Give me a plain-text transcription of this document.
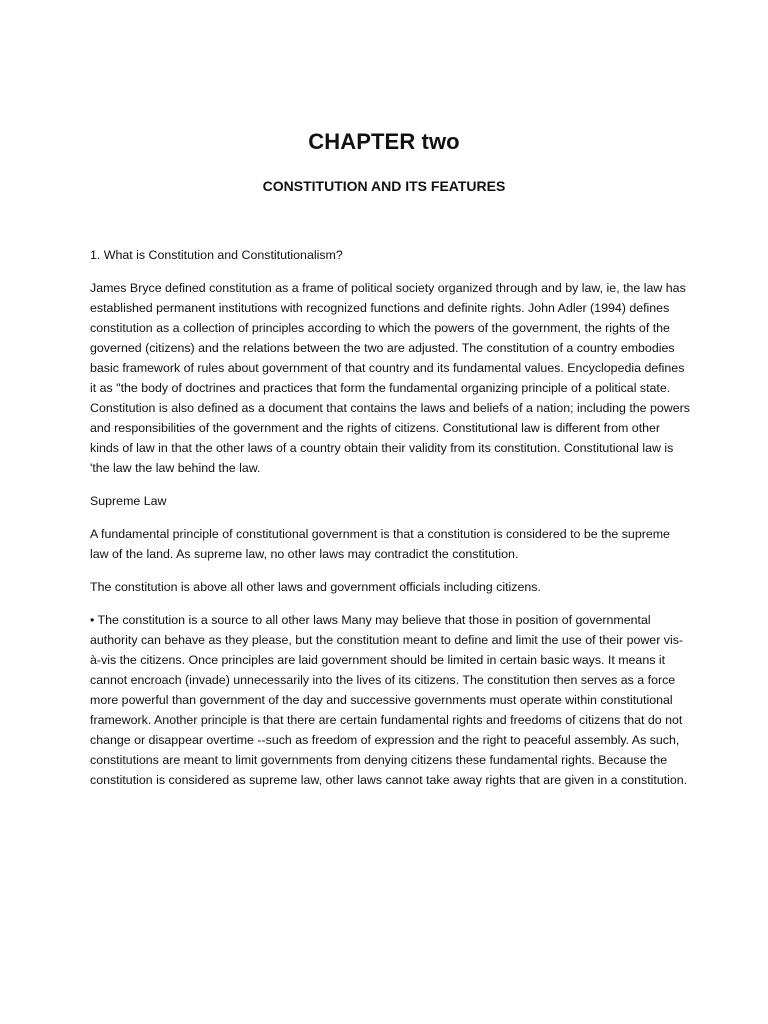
CHAPTER two
CONSTITUTION AND ITS FEATURES

1. What is Constitution and Constitutionalism?

James Bryce defined constitution as a frame of political society organized through and by law, ie, the law has established permanent institutions with recognized functions and definite rights. John Adler (1994) defines constitution as a collection of principles according to which the powers of the government, the rights of the governed (citizens) and the relations between the two are adjusted. The constitution of a country embodies basic framework of rules about government of that country and its fundamental values. Encyclopedia defines it as "the body of doctrines and practices that form the fundamental organizing principle of a political state. Constitution is also defined as a document that contains the laws and beliefs of a nation; including the powers and responsibilities of the government and the rights of citizens. Constitutional law is different from other kinds of law in that the other laws of a country obtain their validity from its constitution. Constitutional law is 'the law the law behind the law.

Supreme Law

A fundamental principle of constitutional government is that a constitution is considered to be the supreme law of the land. As supreme law, no other laws may contradict the constitution.

The constitution is above all other laws and government officials including citizens.

• The constitution is a source to all other laws Many may believe that those in position of governmental authority can behave as they please, but the constitution meant to define and limit the use of their power vis-à-vis the citizens. Once principles are laid government should be limited in certain basic ways. It means it cannot encroach (invade) unnecessarily into the lives of its citizens. The constitution then serves as a force more powerful than government of the day and successive governments must operate within constitutional framework. Another principle is that there are certain fundamental rights and freedoms of citizens that do not change or disappear overtime --such as freedom of expression and the right to peaceful assembly. As such, constitutions are meant to limit governments from denying citizens these fundamental rights. Because the constitution is considered as supreme law, other laws cannot take away rights that are given in a constitution.
